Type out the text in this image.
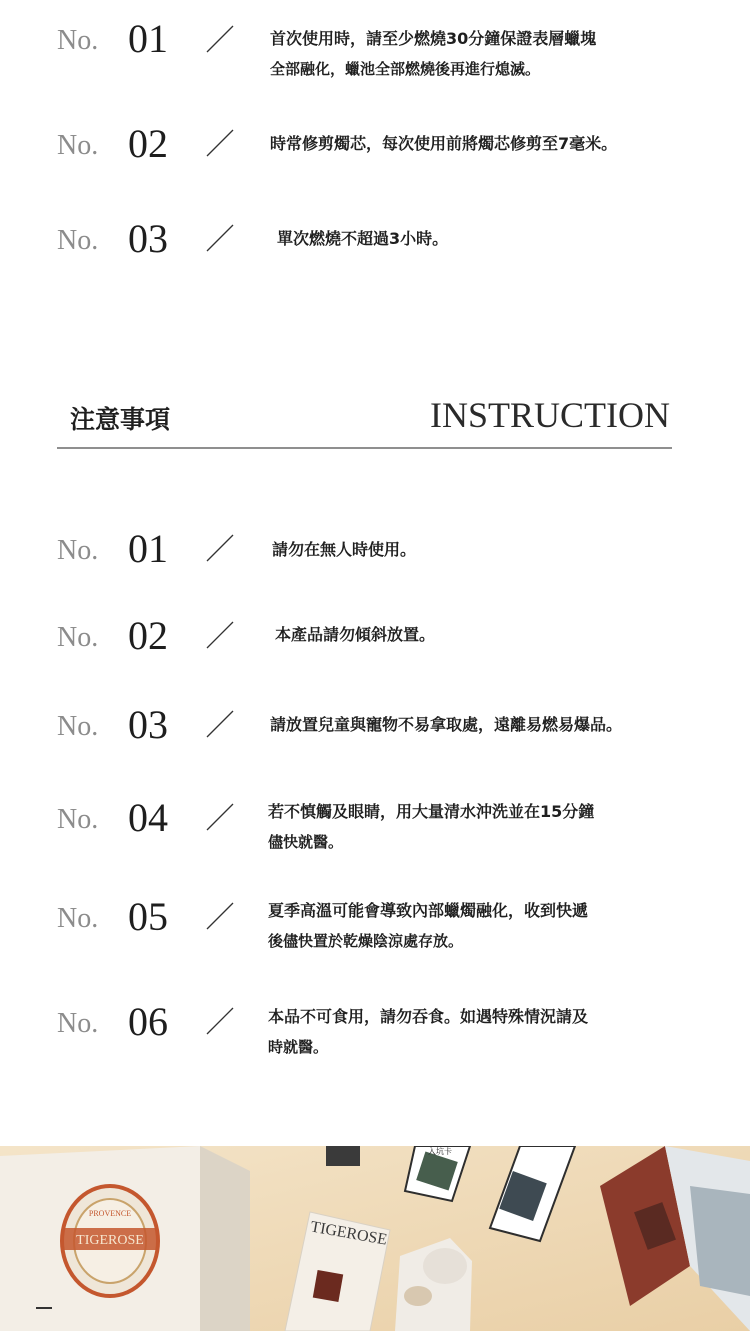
No. 01	首次使用時，請至少燃燒30分鐘保證表層蠟塊
全部融化，蠟池全部燃燒後再進行熄滅。
No. 02	時常修剪燭芯，每次使用前將燭芯修剪至7毫米。
No. 03	單次燃燒不超過3小時。
注意事項	INSTRUCTION
No. 01	請勿在無人時使用。
No. 02	本產品請勿傾斜放置。
No. 03	請放置兒童與寵物不易拿取處，遠離易燃易爆品。
No. 04	若不慎觸及眼睛，用大量清水沖洗並在15分鐘
儘快就醫。
No. 05	夏季高溫可能會導致內部蠟燭融化，收到快遞
後儘快置於乾燥陰涼處存放。
No. 06	本品不可食用，請勿吞食。如遇特殊情況請及
時就醫。
TIGEROSE
PROVENCE
入坑卡
TIGEROSE
